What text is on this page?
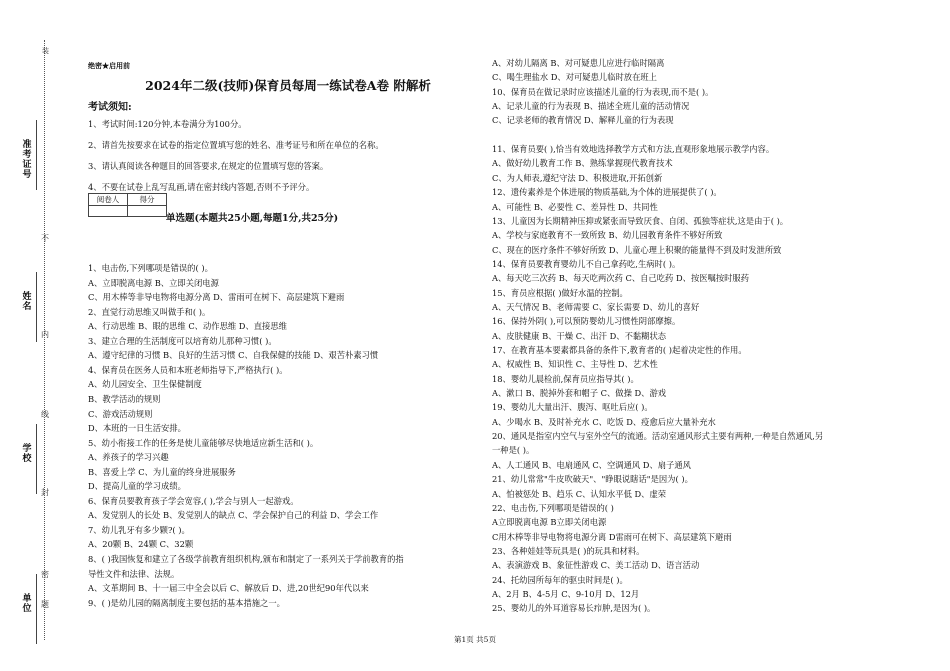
装
准考证号
姓名
学校
单位
不
内
线
封
密
题
绝密★启用前
2024年二级(技师)保育员每周一练试卷A卷 附解析
考试须知:
1、考试时间:120分钟,本卷满分为100分。
2、请首先按要求在试卷的指定位置填写您的姓名、准考证号和所在单位的名称。
3、请认真阅读各种题目的回答要求,在规定的位置填写您的答案。
4、不要在试卷上乱写乱画,请在密封线内答题,否则不予评分。
阅卷人	得分

单选题(本题共25小题,每题1分,共25分)
1、电击伤,下列哪项是错误的( )。
A、立即脱离电源 B、立即关闭电源
C、用木棒等非导电物将电源分离 D、雷雨可在树下、高层建筑下避雨
2、直觉行动思维又叫做手和( )。
A、行动思维 B、眼的思维 C、动作思维 D、直接思维
3、建立合理的生活制度可以培育幼儿那种习惯( )。
A、遵守纪律的习惯 B、良好的生活习惯 C、自我保健的技能 D、艰苦朴素习惯
4、保育员在医务人员和本班老师指导下,严格执行( )。
A、幼儿园安全、卫生保健制度
B、教学活动的规则
C、游戏活动规则
D、本班的一日生活安排。
5、幼小衔接工作的任务是使儿童能够尽快地适应新生活和( )。
A、养孩子的学习兴趣
B、喜爱上学 C、为儿童的终身进展服务
D、提高儿童的学习成绩。
6、保育员要教育孩子学会宽容,( ),学会与别人一起游戏。
A、发觉别人的长处 B、发觉别人的缺点 C、学会保护自己的利益 D、学会工作
7、幼儿乳牙有多少颗?( )。
A、20颗 B、24颗 C、32颗
8、( )我国恢复和建立了各级学前教育组织机构,颁布和制定了一系列关于学前教育的指
导性文件和法律、法规。
A、文革期间 B、十一届三中全会以后 C、解放后 D、进,20世纪90年代以来
9、( )是幼儿园的隔离制度主要包括的基本措施之一。
A、对幼儿隔离 B、对可疑患儿应进行临时隔离
C、喝生理盐水 D、对可疑患儿临时放在班上
10、保育员在做记录时应该描述儿童的行为表现,而不是( )。
A、记录儿童的行为表现 B、描述全班儿童的活动情况
C、记录老师的教育情况 D、解释儿童的行为表现
11、保育员要( ),恰当有效地选择教学方式和方法,直观形象地展示教学内容。
A、做好幼儿教育工作 B、熟练掌握现代教育技术
C、为人师表,遵纪守法 D、积极进取,开拓创新
12、遗传素养是个体进展的物质基础,为个体的进展提供了( )。
A、可能性 B、必要性 C、差异性 D、共同性
13、儿童因为长期精神压抑或紧张而导致厌食、自闭、孤独等症状,这是由于( )。
A、学校与家庭教育不一致所致 B、幼儿园教育条件不够好所致
C、现在的医疗条件不够好所致 D、儿童心理上积聚的能量得不到及时发泄所致
14、保育员要教育婴幼儿不自己拿药吃,生病时( )。
A、每天吃三次药 B、每天吃两次药 C、自己吃药 D、按医嘱按时服药
15、育员应根据( )做好水温的控制。
A、天气情况 B、老师需要 C、家长需要 D、幼儿的喜好
16、保持外阴( ),可以预防婴幼儿习惯性阴部摩擦。
A、皮肤健康 B、干燥 C、出汗 D、不黏糊状态
17、在教育基本要素都具备的条件下,教育者的( )起着决定性的作用。
A、权威性 B、知识性 C、主导性 D、艺术性
18、婴幼儿晨检前,保育员应指导其( )。
A、漱口 B、脱掉外套和帽子 C、做操 D、游戏
19、婴幼儿大量出汗、腹泻、呕吐后应( )。
A、少喝水 B、及时补充水 C、吃饭 D、疫愈后应大量补充水
20、通风是指室内空气与室外空气的流通。活动室通风形式主要有两种,一种是自然通风,另
一种是( )。
A、人工通风 B、电扇通风 C、空调通风 D、扇子通风
21、幼儿常常"牛皮吹破天"、"睁眼说瞎话"是因为( )。
A、怕被惩处 B、趋乐 C、认知水平低 D、虚荣
22、电击伤,下列哪项是错误的( )
A立即脱离电源 B立即关闭电源
C用木棒等非导电物将电源分离 D雷雨可在树下、高层建筑下避雨
23、各种娃娃等玩具是( )的玩具和材料。
A、表演游戏 B、象征性游戏 C、美工活动 D、语言活动
24、托幼园所每年的驱虫时间是( )。
A、2月 B、4-5月 C、9-10月 D、12月
25、婴幼儿的外耳道容易长疖肿,是因为( )。
第1页 共5页
